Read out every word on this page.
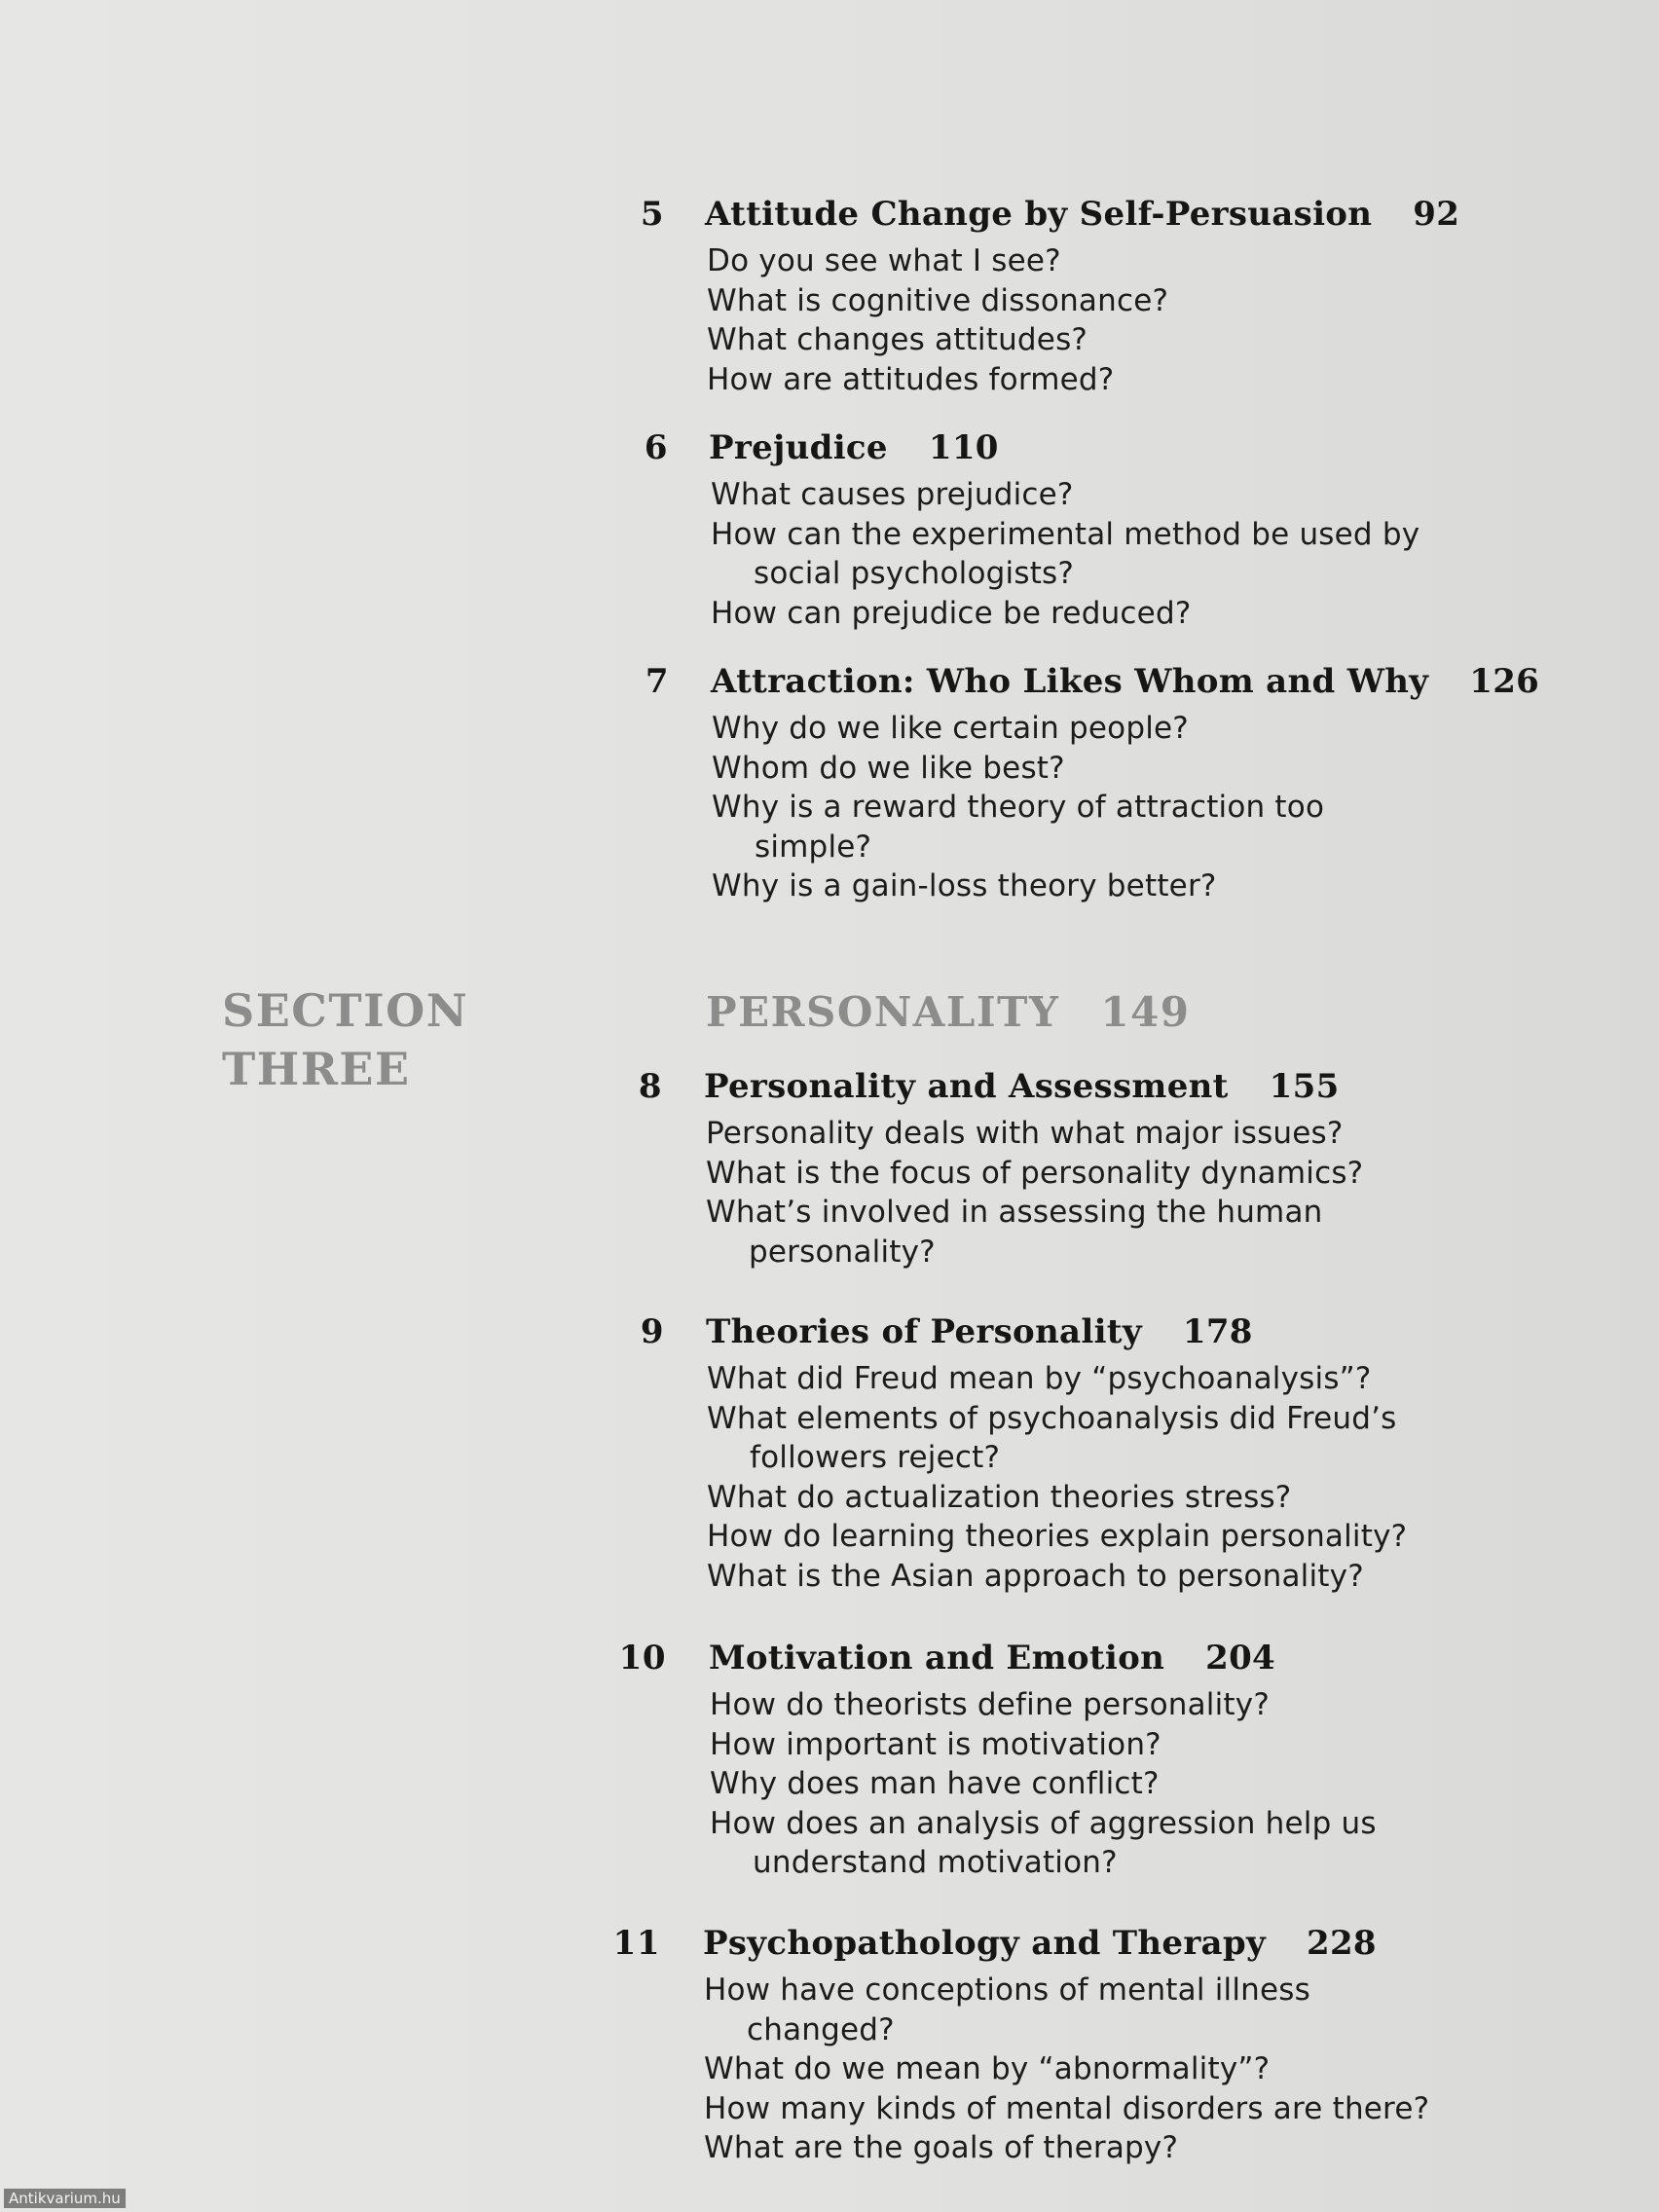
5 Attitude Change by Self-Persuasion 92
Do you see what I see?
What is cognitive dissonance?
What changes attitudes?
How are attitudes formed?
6 Prejudice 110
What causes prejudice?
How can the experimental method be used by social psychologists?
How can prejudice be reduced?
7 Attraction: Who Likes Whom and Why 126
Why do we like certain people?
Whom do we like best?
Why is a reward theory of attraction too simple?
Why is a gain-loss theory better?
SECTION
THREE
PERSONALITY 149
8 Personality and Assessment 155
Personality deals with what major issues?
What is the focus of personality dynamics?
What’s involved in assessing the human personality?
9 Theories of Personality 178
What did Freud mean by “psychoanalysis”?
What elements of psychoanalysis did Freud’s followers reject?
What do actualization theories stress?
How do learning theories explain personality?
What is the Asian approach to personality?
10 Motivation and Emotion 204
How do theorists define personality?
How important is motivation?
Why does man have conflict?
How does an analysis of aggression help us understand motivation?
11 Psychopathology and Therapy 228
How have conceptions of mental illness changed?
What do we mean by “abnormality”?
How many kinds of mental disorders are there?
What are the goals of therapy?
Antikvarium.hu
